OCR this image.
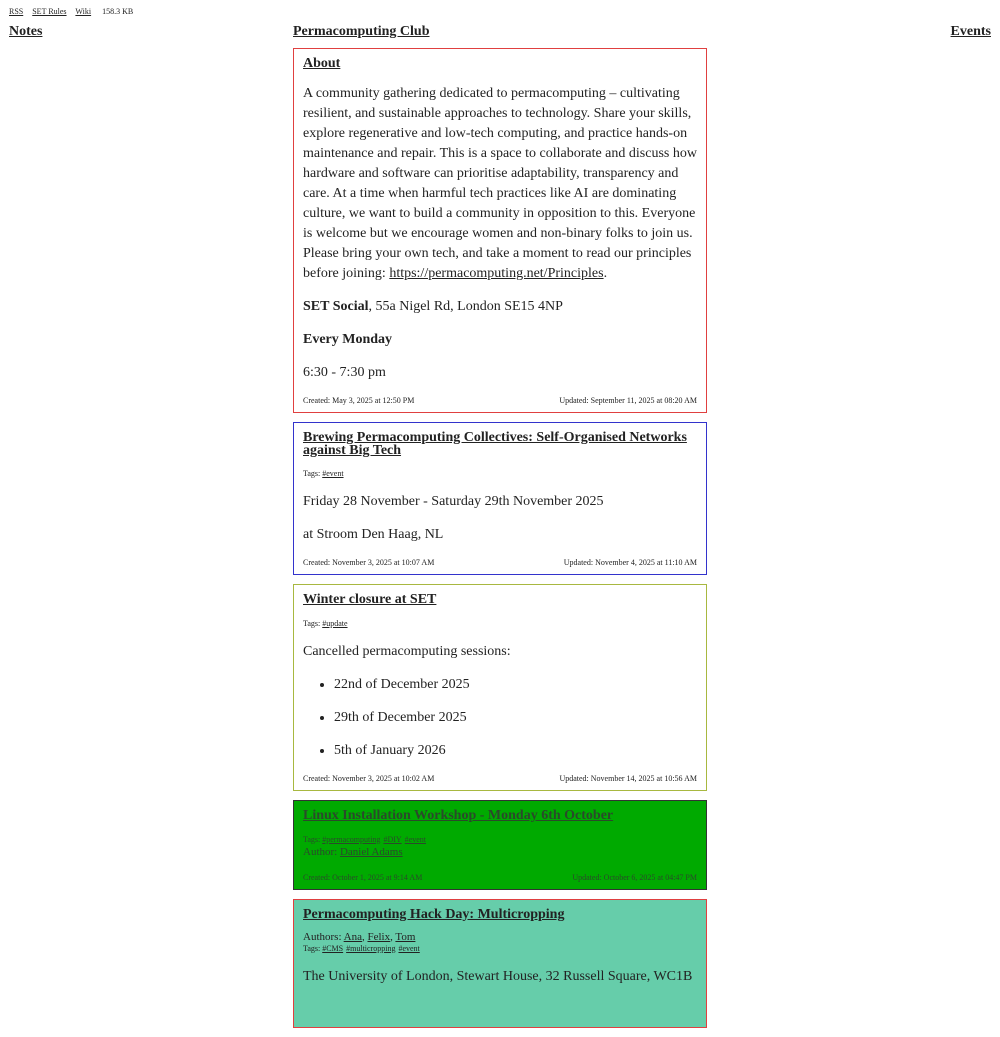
RSS SET Rules Wiki 158.3 KB
Notes	Permacomputing Club	Events
About

A community gathering dedicated to permacomputing – cultivating resilient, and sustainable approaches to technology. Share your skills, explore regenerative and low-tech computing, and practice hands-on maintenance and repair. This is a space to collaborate and discuss how hardware and software can prioritise adaptability, transparency and care. At a time when harmful tech practices like AI are dominating culture, we want to build a community in opposition to this. Everyone is welcome but we encourage women and non-binary folks to join us. Please bring your own tech, and take a moment to read our principles before joining: https://permacomputing.net/Principles.

SET Social, 55a Nigel Rd, London SE15 4NP

Every Monday

6:30 - 7:30 pm

Created: May 3, 2025 at 12:50 PM	Updated: September 11, 2025 at 08:20 AM
Brewing Permacomputing Collectives: Self-Organised Networks against Big Tech
Tags: #event

Friday 28 November - Saturday 29th November 2025

at Stroom Den Haag, NL

Created: November 3, 2025 at 10:07 AM	Updated: November 4, 2025 at 11:10 AM
Winter closure at SET
Tags: #update

Cancelled permacomputing sessions:

• 22nd of December 2025
• 29th of December 2025
• 5th of January 2026
Created: November 3, 2025 at 10:02 AM	Updated: November 14, 2025 at 10:56 AM
Linux Installation Workshop - Monday 6th October
Tags: #permacomputing #DIY #event

Author: Daniel Adams

Created: October 1, 2025 at 9:14 AM	Updated: October 6, 2025 at 04:47 PM
Permacomputing Hack Day: Multicropping

Authors: Ana, Felix, Tom

Tags: #CMS #multicropping #event

The University of London, Stewart House, 32 Russell Square, WC1B
